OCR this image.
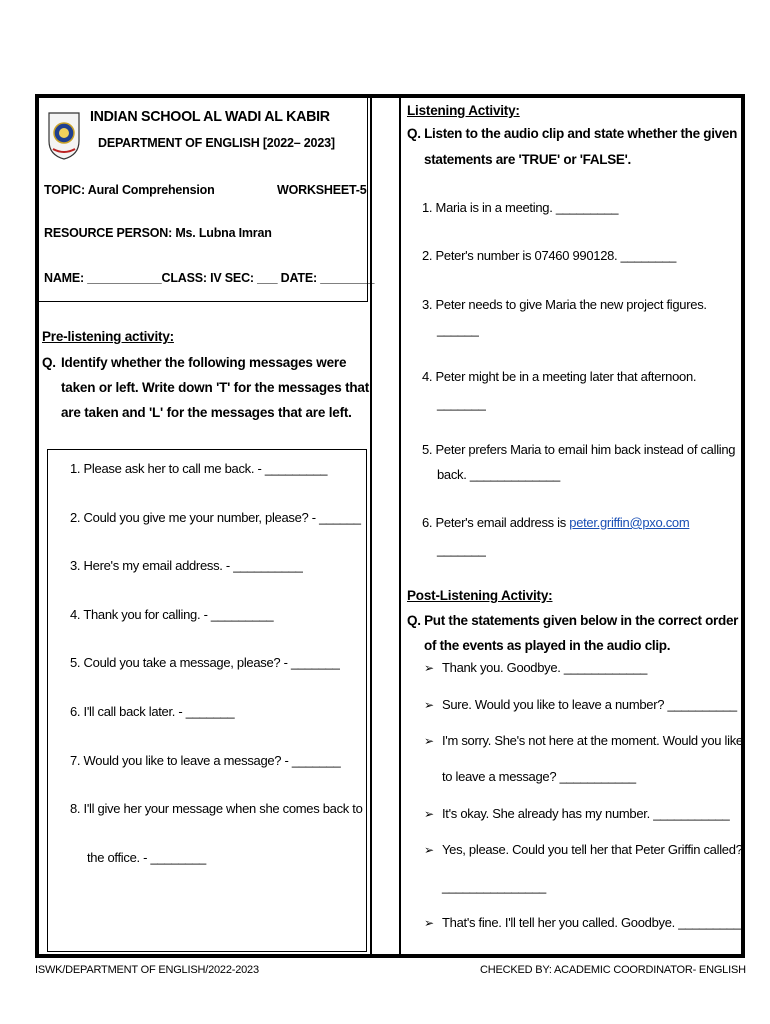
INDIAN SCHOOL AL WADI AL KABIR
DEPARTMENT OF ENGLISH [2022– 2023]
TOPIC: Aural Comprehension	WORKSHEET-5
RESOURCE PERSON: Ms. Lubna Imran
NAME: ___________CLASS: IV SEC: ___ DATE: ________
Pre-listening activity:
Q. Identify whether the following messages were taken or left. Write down 'T' for the messages that are taken and 'L' for the messages that are left.
1. Please ask her to call me back. - _________
2. Could you give me your number, please? - ______
3. Here's my email address. - __________
4. Thank you for calling. - _________
5. Could you take a message, please? - _______
6. I'll call back later. - _______
7. Would you like to leave a message? - _______
8. I'll give her your message when she comes back to
the office. - ________
Listening Activity:
Q. Listen to the audio clip and state whether the given
statements are 'TRUE' or 'FALSE'.
1. Maria is in a meeting. _________
2. Peter's number is 07460 990128. ________
3. Peter needs to give Maria the new project figures.
______
4. Peter might be in a meeting later that afternoon.
_______
5. Peter prefers Maria to email him back instead of calling
back. _____________
6. Peter's email address is peter.griffin@pxo.com
_______
Post-Listening Activity:
Q. Put the statements given below in the correct order
of the events as played in the audio clip.
➢ Thank you. Goodbye. ____________
➢ Sure. Would you like to leave a number? __________
➢ I'm sorry. She's not here at the moment. Would you like
to leave a message? ___________
➢ It's okay. She already has my number. ___________
➢ Yes, please. Could you tell her that Peter Griffin called?
_______________
➢ That's fine. I'll tell her you called. Goodbye. _________
ISWK/DEPARTMENT OF ENGLISH/2022-2023	CHECKED BY: ACADEMIC COORDINATOR- ENGLISH
